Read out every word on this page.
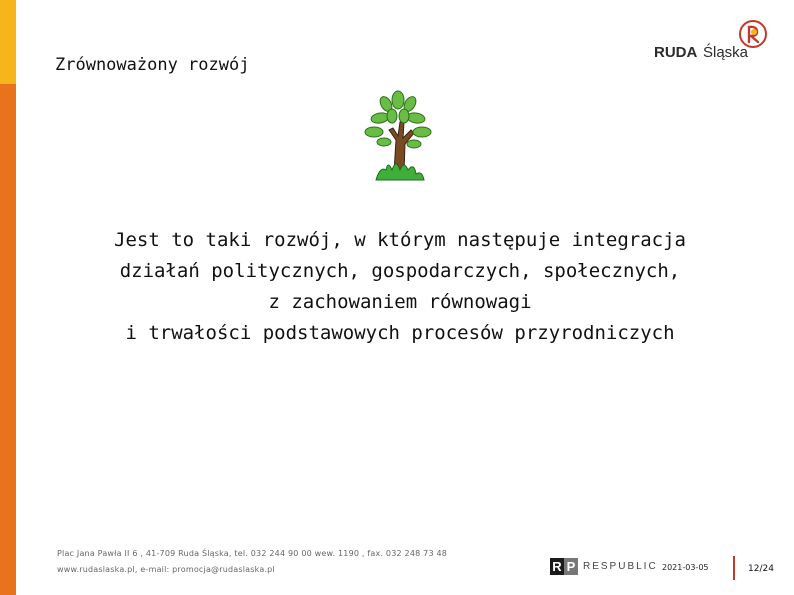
Zrównoważony rozwój
RUDA Śląska
Jest to taki rozwój, w którym następuje integracja
działań politycznych, gospodarczych, społecznych,
z zachowaniem równowagi
i trwałości podstawowych procesów przyrodniczych
Plac Jana Pawła II 6 , 41-709 Ruda Śląska, tel. 032 244 90 00 wew. 1190 , fax. 032 248 73 48
www.rudaslaska.pl, e-mail: promocja@rudaslaska.pl	R P RESPUBLIC 2021-03-05	12/24
